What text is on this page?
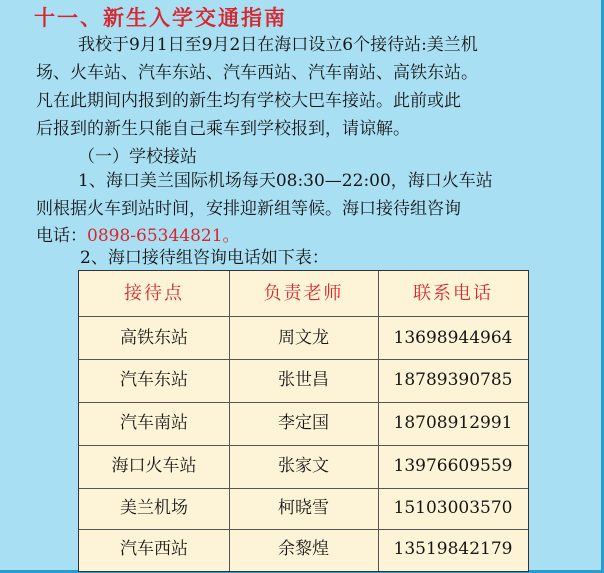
十一、新生入学交通指南
我校于9月1日至9月2日在海口设立6个接待站:美兰机
场、火车站、汽车东站、汽车西站、汽车南站、高铁东站。
凡在此期间内报到的新生均有学校大巴车接站。此前或此
后报到的新生只能自己乘车到学校报到，请谅解。
（一）学校接站
1、海口美兰国际机场每天08:30—22:00，海口火车站
则根据火车到站时间，安排迎新组等候。海口接待组咨询
电话：0898-65344821。
2、海口接待组咨询电话如下表：
接待点	负责老师	联系电话
高铁东站	周文龙	13698944964
汽车东站	张世昌	18789390785
汽车南站	李定国	18708912991
海口火车站	张家文	13976609559
美兰机场	柯晓雪	15103003570
汽车西站	余黎煌	13519842179
